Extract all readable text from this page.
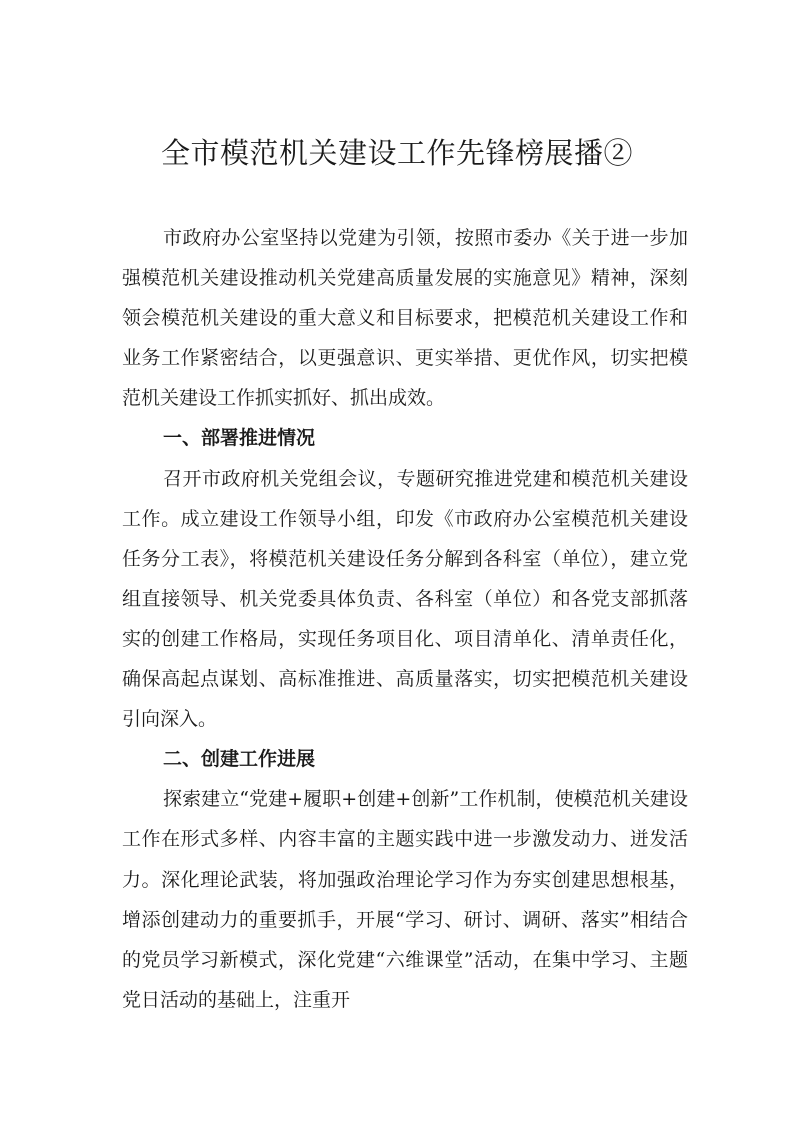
全市模范机关建设工作先锋榜展播②

市政府办公室坚持以党建为引领，按照市委办《关于进一步加强模范机关建设推动机关党建高质量发展的实施意见》精神，深刻领会模范机关建设的重大意义和目标要求，把模范机关建设工作和业务工作紧密结合，以更强意识、更实举措、更优作风，切实把模范机关建设工作抓实抓好、抓出成效。

一、部署推进情况

召开市政府机关党组会议，专题研究推进党建和模范机关建设工作。成立建设工作领导小组，印发《市政府办公室模范机关建设任务分工表》，将模范机关建设任务分解到各科室（单位），建立党组直接领导、机关党委具体负责、各科室（单位）和各党支部抓落实的创建工作格局，实现任务项目化、项目清单化、清单责任化，确保高起点谋划、高标准推进、高质量落实，切实把模范机关建设引向深入。

二、创建工作进展

探索建立“党建+履职+创建+创新”工作机制，使模范机关建设工作在形式多样、内容丰富的主题实践中进一步激发动力、迸发活力。深化理论武装，将加强政治理论学习作为夯实创建思想根基，增添创建动力的重要抓手，开展“学习、研讨、调研、落实”相结合的党员学习新模式，深化党建“六维课堂”活动，在集中学习、主题党日活动的基础上，注重开
